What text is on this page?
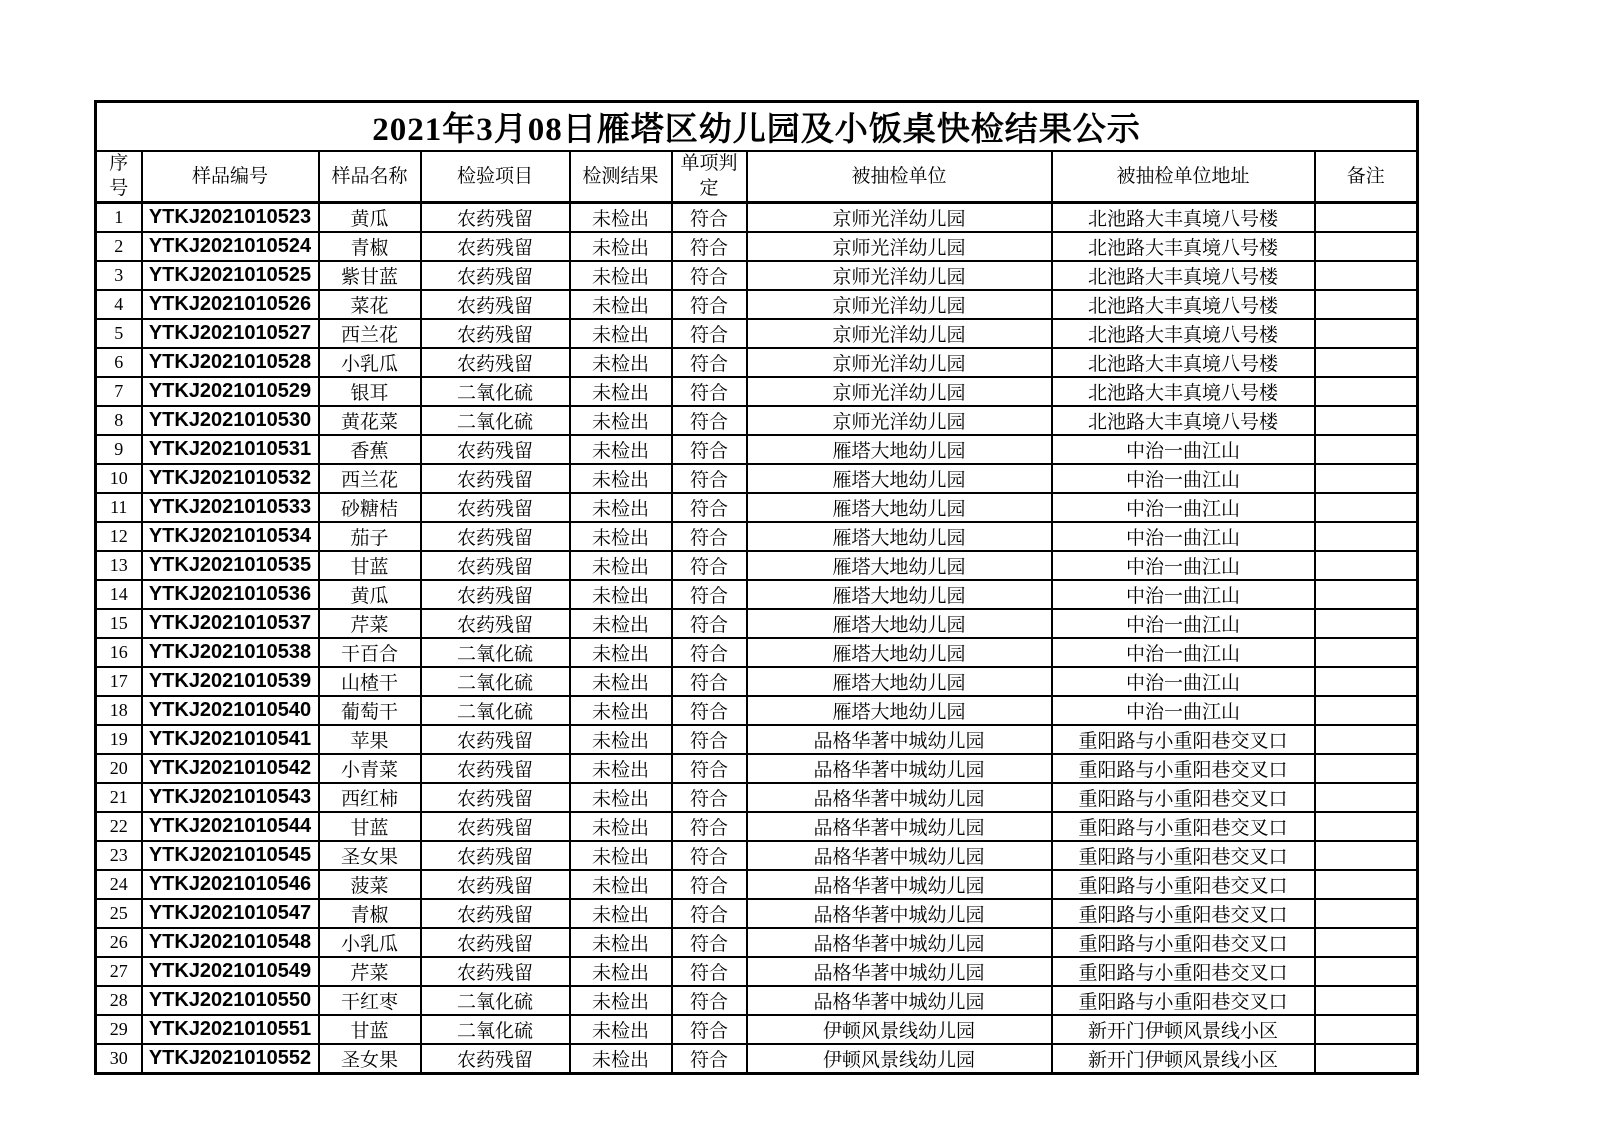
2021年3月08日雁塔区幼儿园及小饭桌快检结果公示								
序号	样品编号	样品名称	检验项目	检测结果	单项判定	被抽检单位	被抽检单位地址	备注
1	YTKJ2021010523	黄瓜	农药残留	未检出	符合	京师光洋幼儿园	北池路大丰真境八号楼	
2	YTKJ2021010524	青椒	农药残留	未检出	符合	京师光洋幼儿园	北池路大丰真境八号楼	
3	YTKJ2021010525	紫甘蓝	农药残留	未检出	符合	京师光洋幼儿园	北池路大丰真境八号楼	
4	YTKJ2021010526	菜花	农药残留	未检出	符合	京师光洋幼儿园	北池路大丰真境八号楼	
5	YTKJ2021010527	西兰花	农药残留	未检出	符合	京师光洋幼儿园	北池路大丰真境八号楼	
6	YTKJ2021010528	小乳瓜	农药残留	未检出	符合	京师光洋幼儿园	北池路大丰真境八号楼	
7	YTKJ2021010529	银耳	二氧化硫	未检出	符合	京师光洋幼儿园	北池路大丰真境八号楼	
8	YTKJ2021010530	黄花菜	二氧化硫	未检出	符合	京师光洋幼儿园	北池路大丰真境八号楼	
9	YTKJ2021010531	香蕉	农药残留	未检出	符合	雁塔大地幼儿园	中治一曲江山	
10	YTKJ2021010532	西兰花	农药残留	未检出	符合	雁塔大地幼儿园	中治一曲江山	
11	YTKJ2021010533	砂糖桔	农药残留	未检出	符合	雁塔大地幼儿园	中治一曲江山	
12	YTKJ2021010534	茄子	农药残留	未检出	符合	雁塔大地幼儿园	中治一曲江山	
13	YTKJ2021010535	甘蓝	农药残留	未检出	符合	雁塔大地幼儿园	中治一曲江山	
14	YTKJ2021010536	黄瓜	农药残留	未检出	符合	雁塔大地幼儿园	中治一曲江山	
15	YTKJ2021010537	芹菜	农药残留	未检出	符合	雁塔大地幼儿园	中治一曲江山	
16	YTKJ2021010538	干百合	二氧化硫	未检出	符合	雁塔大地幼儿园	中治一曲江山	
17	YTKJ2021010539	山楂干	二氧化硫	未检出	符合	雁塔大地幼儿园	中治一曲江山	
18	YTKJ2021010540	葡萄干	二氧化硫	未检出	符合	雁塔大地幼儿园	中治一曲江山	
19	YTKJ2021010541	苹果	农药残留	未检出	符合	品格华著中城幼儿园	重阳路与小重阳巷交叉口	
20	YTKJ2021010542	小青菜	农药残留	未检出	符合	品格华著中城幼儿园	重阳路与小重阳巷交叉口	
21	YTKJ2021010543	西红柿	农药残留	未检出	符合	品格华著中城幼儿园	重阳路与小重阳巷交叉口	
22	YTKJ2021010544	甘蓝	农药残留	未检出	符合	品格华著中城幼儿园	重阳路与小重阳巷交叉口	
23	YTKJ2021010545	圣女果	农药残留	未检出	符合	品格华著中城幼儿园	重阳路与小重阳巷交叉口	
24	YTKJ2021010546	菠菜	农药残留	未检出	符合	品格华著中城幼儿园	重阳路与小重阳巷交叉口	
25	YTKJ2021010547	青椒	农药残留	未检出	符合	品格华著中城幼儿园	重阳路与小重阳巷交叉口	
26	YTKJ2021010548	小乳瓜	农药残留	未检出	符合	品格华著中城幼儿园	重阳路与小重阳巷交叉口	
27	YTKJ2021010549	芹菜	农药残留	未检出	符合	品格华著中城幼儿园	重阳路与小重阳巷交叉口	
28	YTKJ2021010550	干红枣	二氧化硫	未检出	符合	品格华著中城幼儿园	重阳路与小重阳巷交叉口	
29	YTKJ2021010551	甘蓝	二氧化硫	未检出	符合	伊顿风景线幼儿园	新开门伊顿风景线小区	
30	YTKJ2021010552	圣女果	农药残留	未检出	符合	伊顿风景线幼儿园	新开门伊顿风景线小区	
